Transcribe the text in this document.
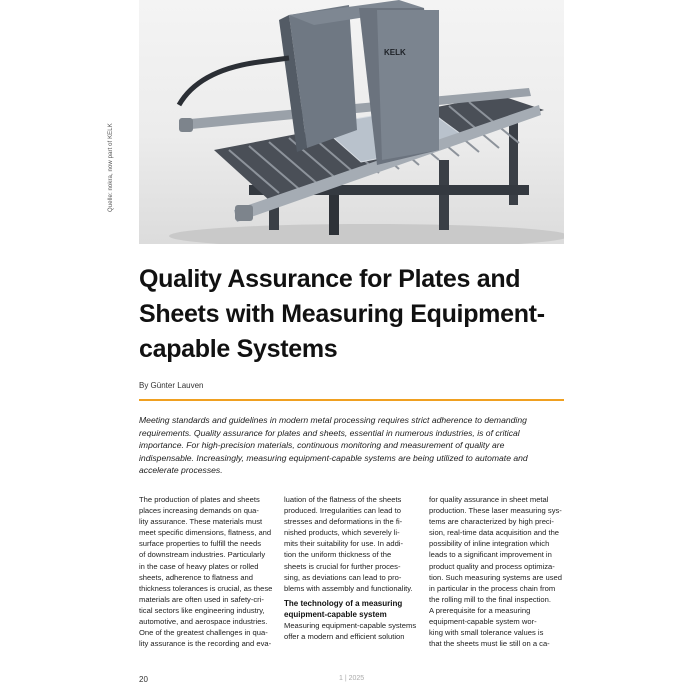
KELK
Quelle: nokra, now part of KELK
Quality Assurance for Plates and
Sheets with Measuring Equipment-
capable Systems
By Günter Lauven

Meeting standards and guidelines in modern metal processing requires strict adherence to demanding
requirements. Quality assurance for plates and sheets, essential in numerous industries, is of critical
importance. For high-precision materials, continuous monitoring and measurement of quality are
indispensable. Increasingly, measuring equipment-capable systems are being utilized to automate and
accelerate processes.

The production of plates and sheets
places increasing demands on qua-
lity assurance. These materials must
meet specific dimensions, flatness, and
surface properties to fulfill the needs
of downstream industries. Particularly
in the case of heavy plates or rolled
sheets, adherence to flatness and
thickness tolerances is crucial, as these
materials are often used in safety-cri-
tical sectors like engineering industry,
automotive, and aerospace industries.
One of the greatest challenges in qua-
lity assurance is the recording and eva-
luation of the flatness of the sheets
produced. Irregularities can lead to
stresses and deformations in the fi-
nished products, which severely li-
mits their suitability for use. In addi-
tion the uniform thickness of the
sheets is crucial for further proces-
sing, as deviations can lead to pro-
blems with assembly and functionality.
The technology of a measuring
equipment-capable system
Measuring equipment-capable systems
offer a modern and efficient solution
for quality assurance in sheet metal
production. These laser measuring sys-
tems are characterized by high preci-
sion, real-time data acquisition and the
possibility of inline integration which
leads to a significant improvement in
product quality and process optimiza-
tion. Such measuring systems are used
in particular in the process chain from
the rolling mill to the final inspection.
A prerequisite for a measuring
equipment-capable system wor-
king with small tolerance values is
that the sheets must lie still on a ca-
20	1 | 2025
